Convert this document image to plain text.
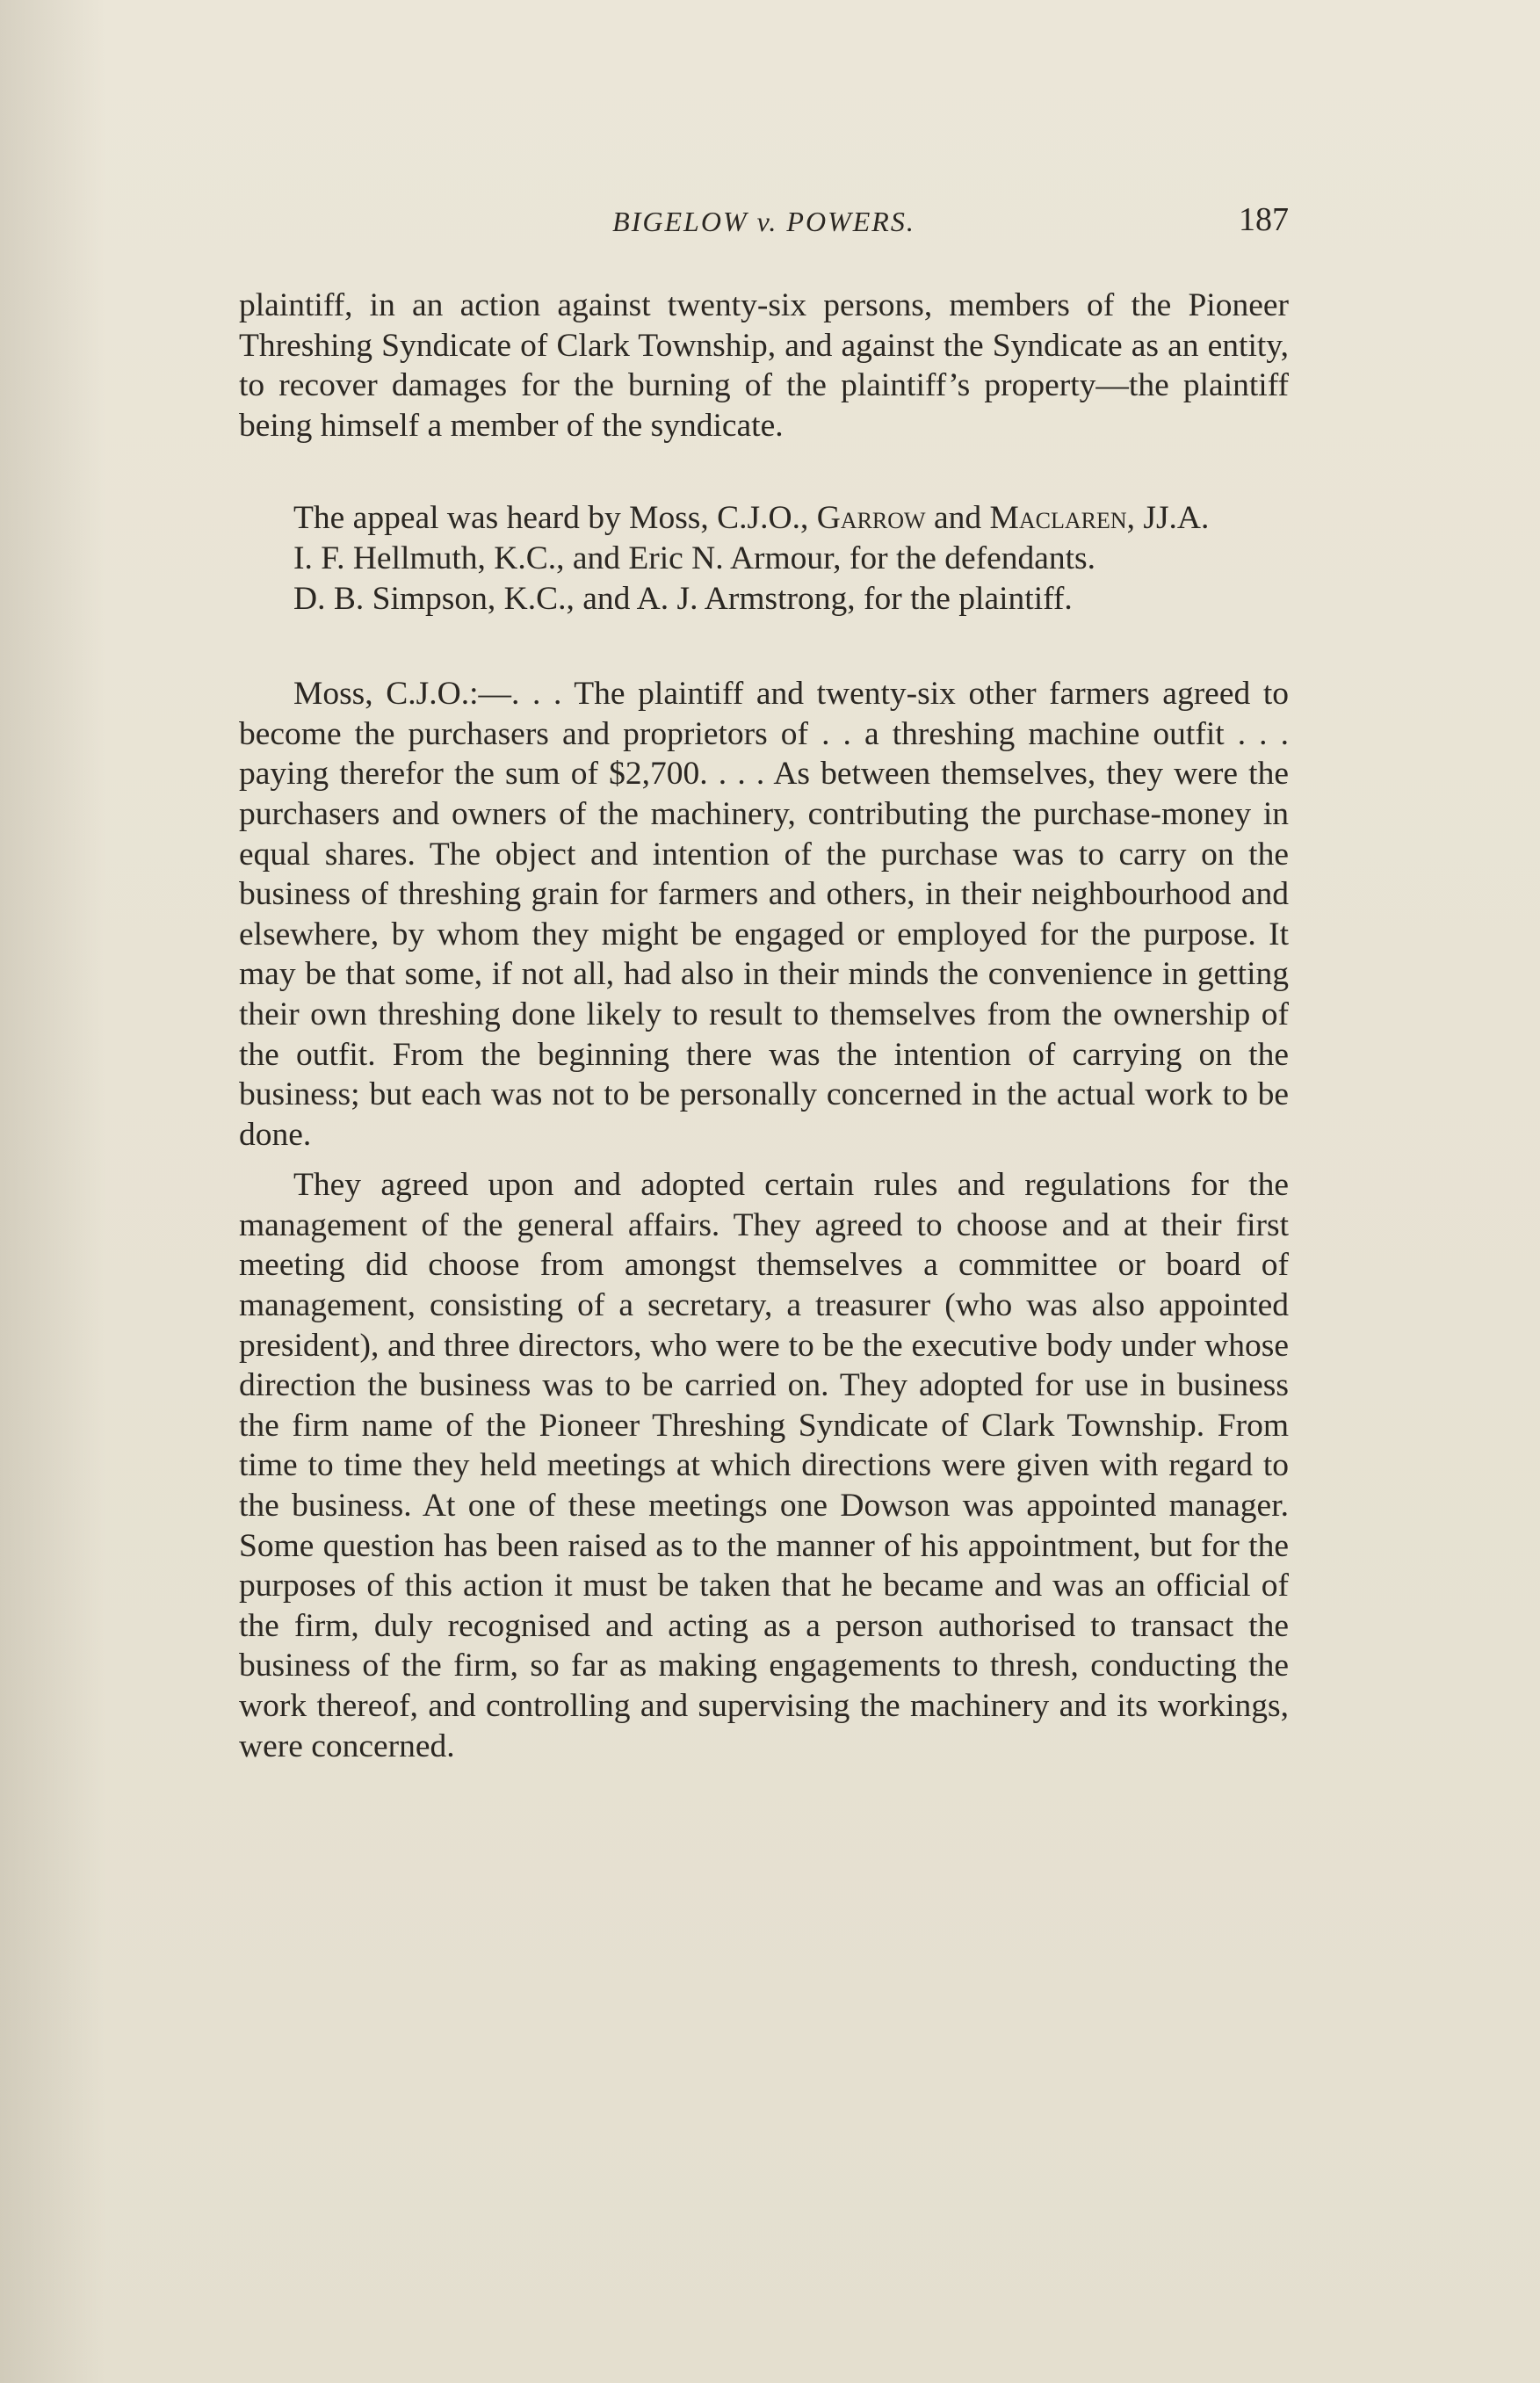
BIGELOW v. POWERS.	187

plaintiff, in an action against twenty-six persons, members of the Pioneer Threshing Syndicate of Clark Township, and against the Syndicate as an entity, to recover damages for the burning of the plaintiff’s property—the plaintiff being himself a member of the syndicate.

The appeal was heard by Moss, C.J.O., Garrow and Maclaren, JJ.A.

I. F. Hellmuth, K.C., and Eric N. Armour, for the defendants.

D. B. Simpson, K.C., and A. J. Armstrong, for the plaintiff.

Moss, C.J.O.:—. . . The plaintiff and twenty-six other farmers agreed to become the purchasers and proprietors of . . a threshing machine outfit . . . paying therefor the sum of $2,700. . . . As between themselves, they were the purchasers and owners of the machinery, contributing the purchase-money in equal shares. The object and intention of the purchase was to carry on the business of threshing grain for farmers and others, in their neighbourhood and elsewhere, by whom they might be engaged or employed for the purpose. It may be that some, if not all, had also in their minds the convenience in getting their own threshing done likely to result to themselves from the ownership of the outfit. From the beginning there was the intention of carrying on the business; but each was not to be personally concerned in the actual work to be done.

They agreed upon and adopted certain rules and regulations for the management of the general affairs. They agreed to choose and at their first meeting did choose from amongst themselves a committee or board of management, consisting of a secretary, a treasurer (who was also appointed president), and three directors, who were to be the executive body under whose direction the business was to be carried on. They adopted for use in business the firm name of the Pioneer Threshing Syndicate of Clark Township. From time to time they held meetings at which directions were given with regard to the business. At one of these meetings one Dowson was appointed manager. Some question has been raised as to the manner of his appointment, but for the purposes of this action it must be taken that he became and was an official of the firm, duly recognised and acting as a person authorised to transact the business of the firm, so far as making engagements to thresh, conducting the work thereof, and controlling and supervising the machinery and its workings, were concerned.
